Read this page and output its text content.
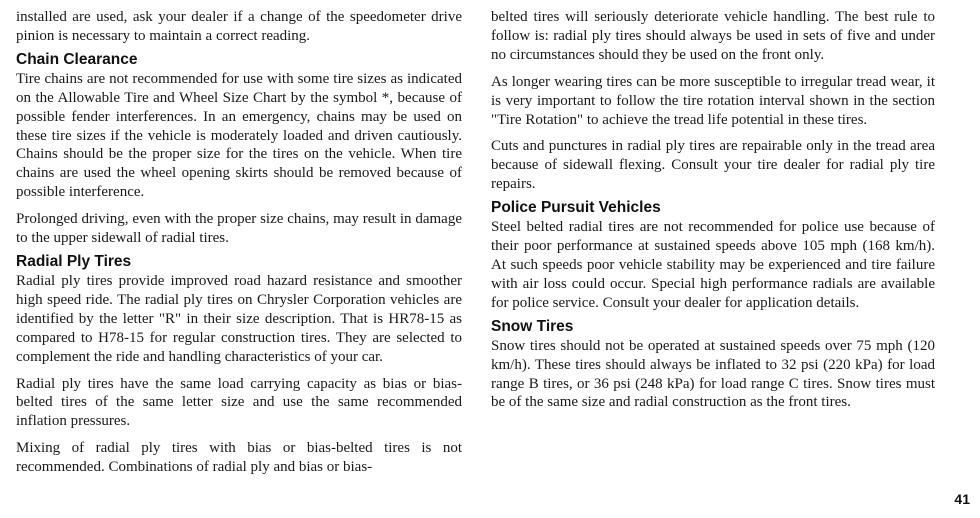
installed are used, ask your dealer if a change of the speedometer drive pinion is necessary to maintain a correct reading.

Chain Clearance

Tire chains are not recommended for use with some tire sizes as indicated on the Allowable Tire and Wheel Size Chart by the symbol *, because of possible fender interferences. In an emergency, chains may be used on these tire sizes if the vehicle is moderately loaded and driven cautiously. Chains should be the proper size for the tires on the vehicle. When tire chains are used the wheel opening skirts should be removed because of possible interference.

Prolonged driving, even with the proper size chains, may result in damage to the upper sidewall of radial tires.

Radial Ply Tires

Radial ply tires provide improved road hazard resistance and smoother high speed ride. The radial ply tires on Chrysler Corporation vehicles are identified by the letter "R" in their size description. That is HR78-15 as compared to H78-15 for regular construction tires. They are selected to complement the ride and handling characteristics of your car.

Radial ply tires have the same load carrying capacity as bias or bias-belted tires of the same letter size and use the same recommended inflation pressures.

Mixing of radial ply tires with bias or bias-belted tires is not recommended. Combinations of radial ply and bias or bias-

belted tires will seriously deteriorate vehicle handling. The best rule to follow is: radial ply tires should always be used in sets of five and under no circumstances should they be used on the front only.

As longer wearing tires can be more susceptible to irregular tread wear, it is very important to follow the tire rotation interval shown in the section "Tire Rotation" to achieve the tread life potential in these tires.

Cuts and punctures in radial ply tires are repairable only in the tread area because of sidewall flexing. Consult your tire dealer for radial ply tire repairs.

Police Pursuit Vehicles

Steel belted radial tires are not recommended for police use because of their poor performance at sustained speeds above 105 mph (168 km/h). At such speeds poor vehicle stability may be experienced and tire failure with air loss could occur. Special high performance radials are available for police service. Consult your dealer for application details.

Snow Tires

Snow tires should not be operated at sustained speeds over 75 mph (120 km/h). These tires should always be inflated to 32 psi (220 kPa) for load range B tires, or 36 psi (248 kPa) for load range C tires. Snow tires must be of the same size and radial construction as the front tires.

41
